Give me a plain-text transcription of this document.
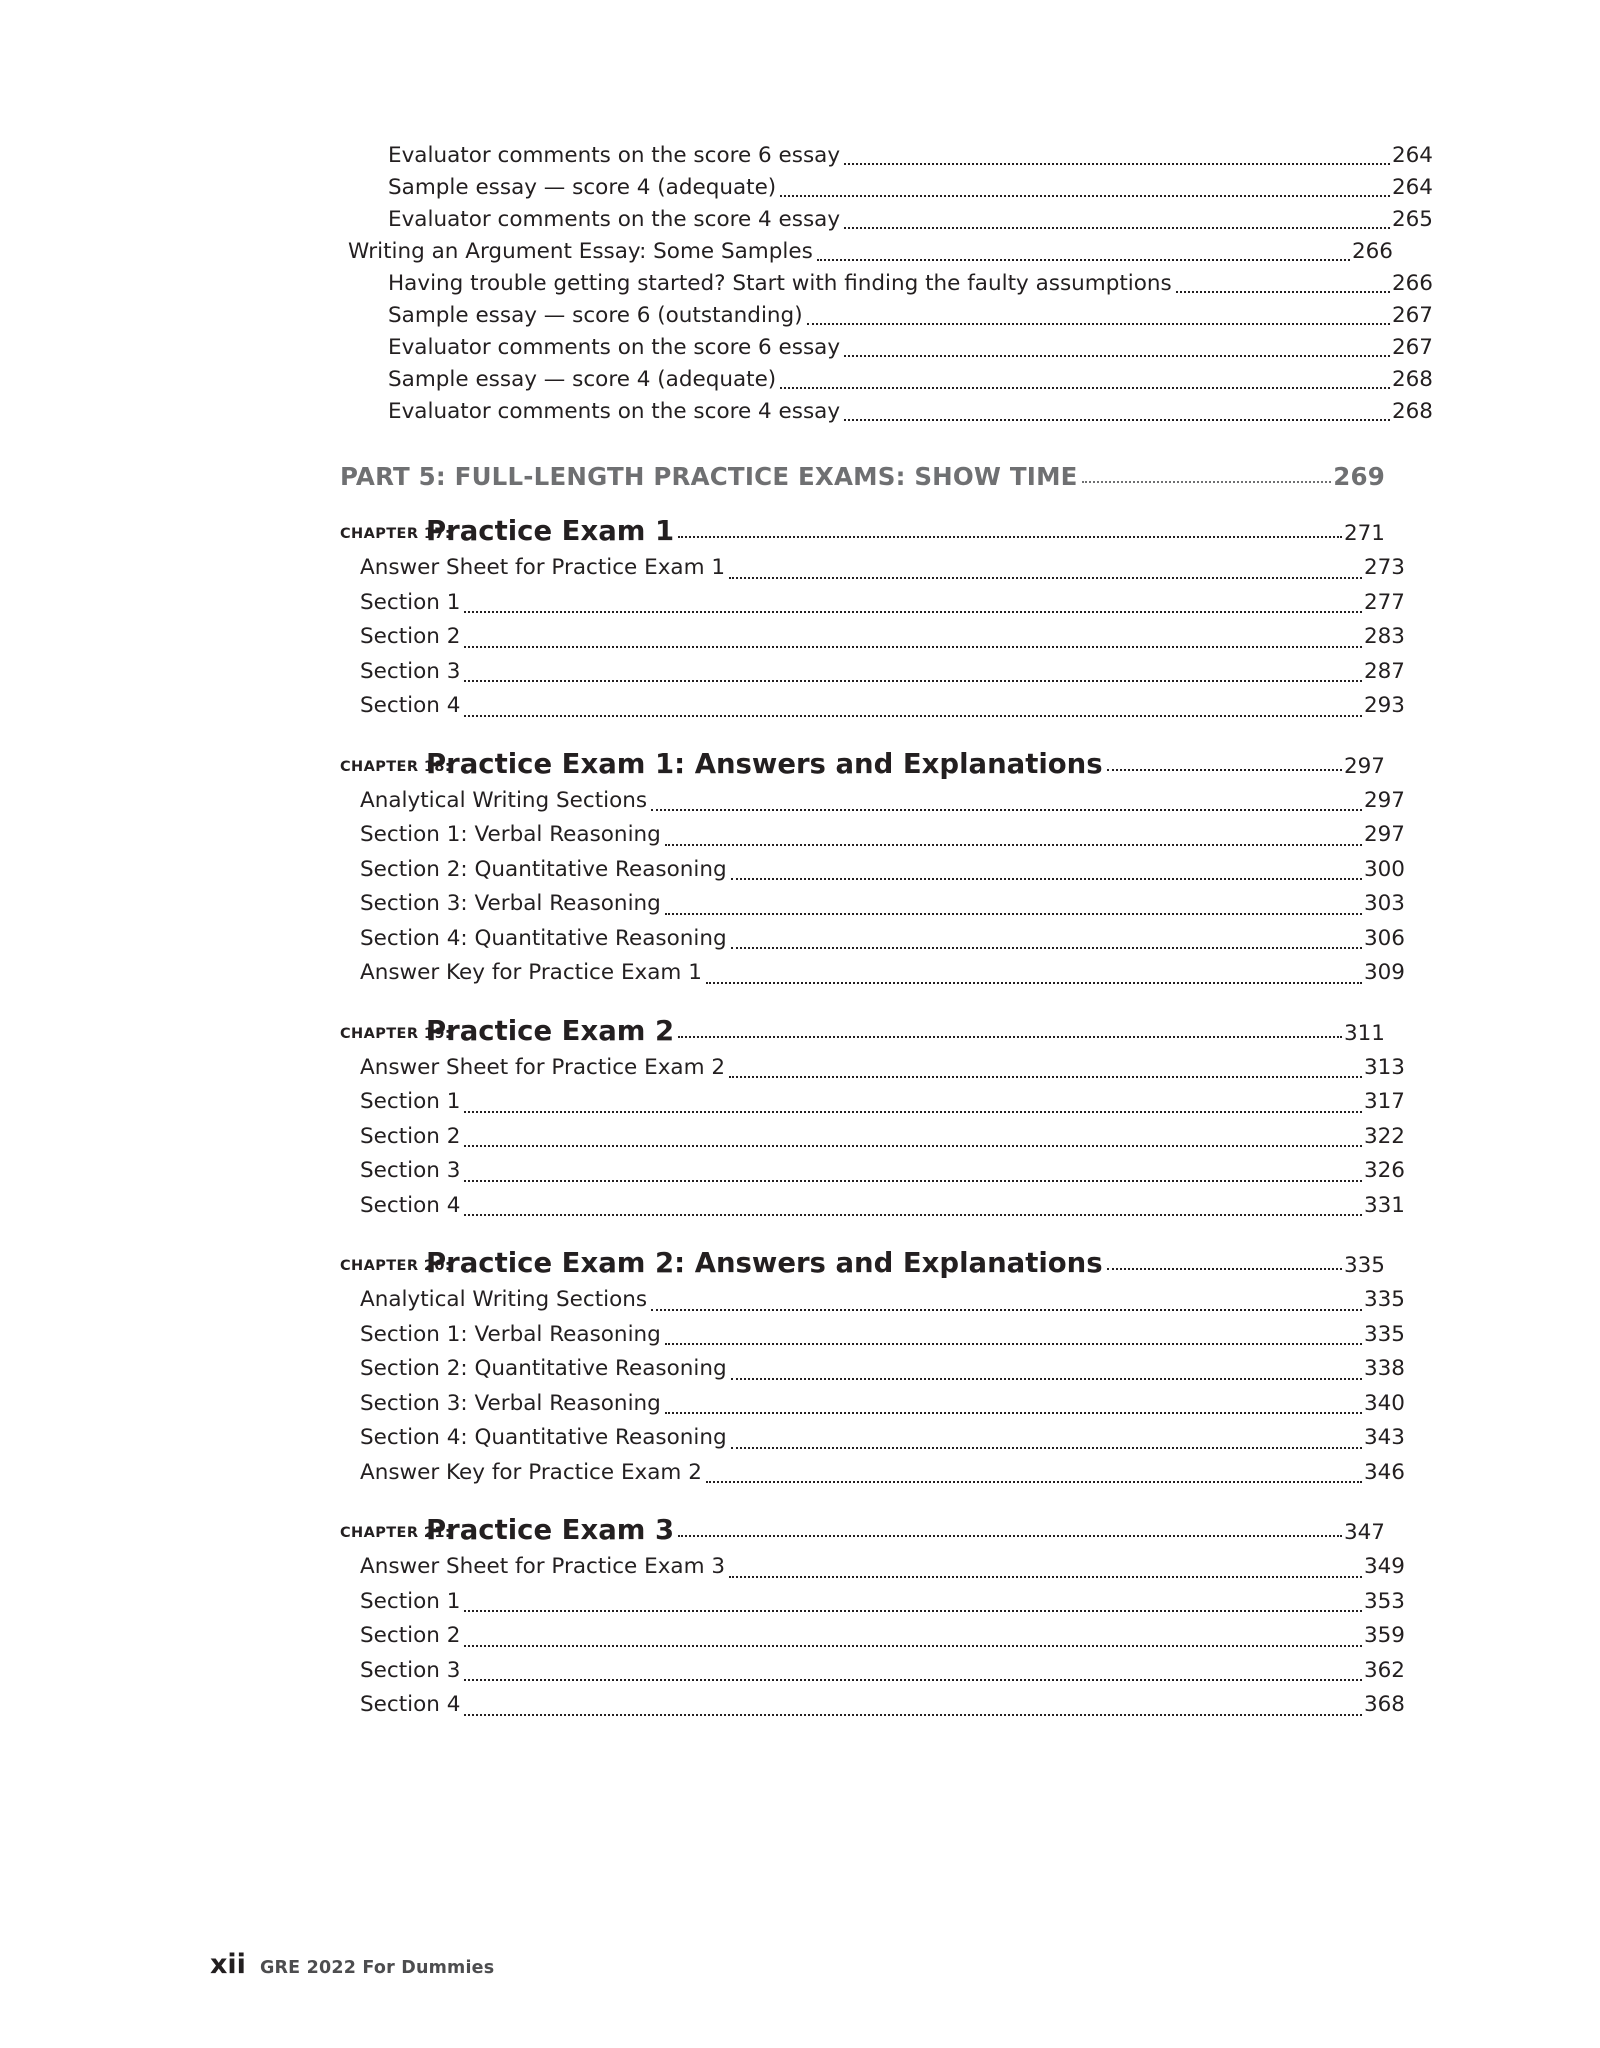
Evaluator comments on the score 6 essay	264
Sample essay — score 4 (adequate)	264
Evaluator comments on the score 4 essay	265
Writing an Argument Essay: Some Samples	266
Having trouble getting started? Start with finding the faulty assumptions	266
Sample essay — score 6 (outstanding)	267
Evaluator comments on the score 6 essay	267
Sample essay — score 4 (adequate)	268
Evaluator comments on the score 4 essay	268
PART 5: FULL-LENGTH PRACTICE EXAMS: SHOW TIME	269
CHAPTER 17:
Practice Exam 1	271
Answer Sheet for Practice Exam 1	273
Section 1	277
Section 2	283
Section 3	287
Section 4	293
CHAPTER 18:
Practice Exam 1: Answers and Explanations	297
Analytical Writing Sections	297
Section 1: Verbal Reasoning	297
Section 2: Quantitative Reasoning	300
Section 3: Verbal Reasoning	303
Section 4: Quantitative Reasoning	306
Answer Key for Practice Exam 1	309
CHAPTER 19:
Practice Exam 2	311
Answer Sheet for Practice Exam 2	313
Section 1	317
Section 2	322
Section 3	326
Section 4	331
CHAPTER 20:
Practice Exam 2: Answers and Explanations	335
Analytical Writing Sections	335
Section 1: Verbal Reasoning	335
Section 2: Quantitative Reasoning	338
Section 3: Verbal Reasoning	340
Section 4: Quantitative Reasoning	343
Answer Key for Practice Exam 2	346
CHAPTER 21:
Practice Exam 3	347
Answer Sheet for Practice Exam 3	349
Section 1	353
Section 2	359
Section 3	362
Section 4	368
xii GRE 2022 For Dummies
